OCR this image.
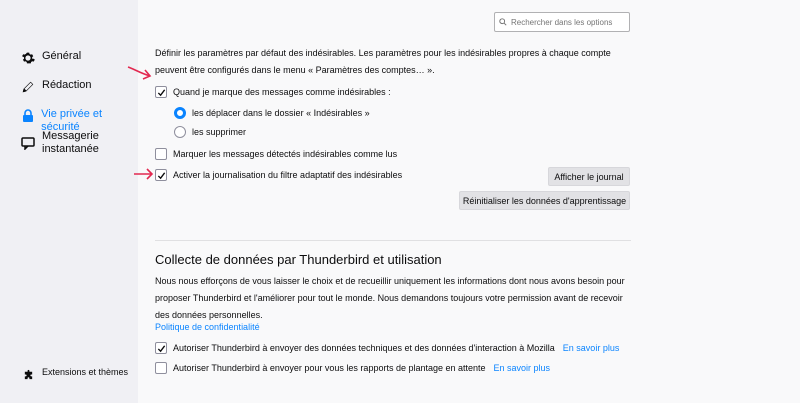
Général
Rédaction
Vie privée et sécurité
Messagerie instantanée
Extensions et thèmes
Rechercher dans les options
Définir les paramètres par défaut des indésirables. Les paramètres pour les indésirables propres à chaque compte
peuvent être configurés dans le menu « Paramètres des comptes… ».
Quand je marque des messages comme indésirables :
les déplacer dans le dossier « Indésirables »
les supprimer
Marquer les messages détectés indésirables comme lus
Activer la journalisation du filtre adaptatif des indésirables	Afficher le journal
Réinitialiser les données d'apprentissage
Collecte de données par Thunderbird et utilisation
Nous nous efforçons de vous laisser le choix et de recueillir uniquement les informations dont nous avons besoin pour
proposer Thunderbird et l'améliorer pour tout le monde. Nous demandons toujours votre permission avant de recevoir
des données personnelles.
Politique de confidentialité
Autoriser Thunderbird à envoyer des données techniques et des données d'interaction à Mozilla En savoir plus
Autoriser Thunderbird à envoyer pour vous les rapports de plantage en attente En savoir plus
